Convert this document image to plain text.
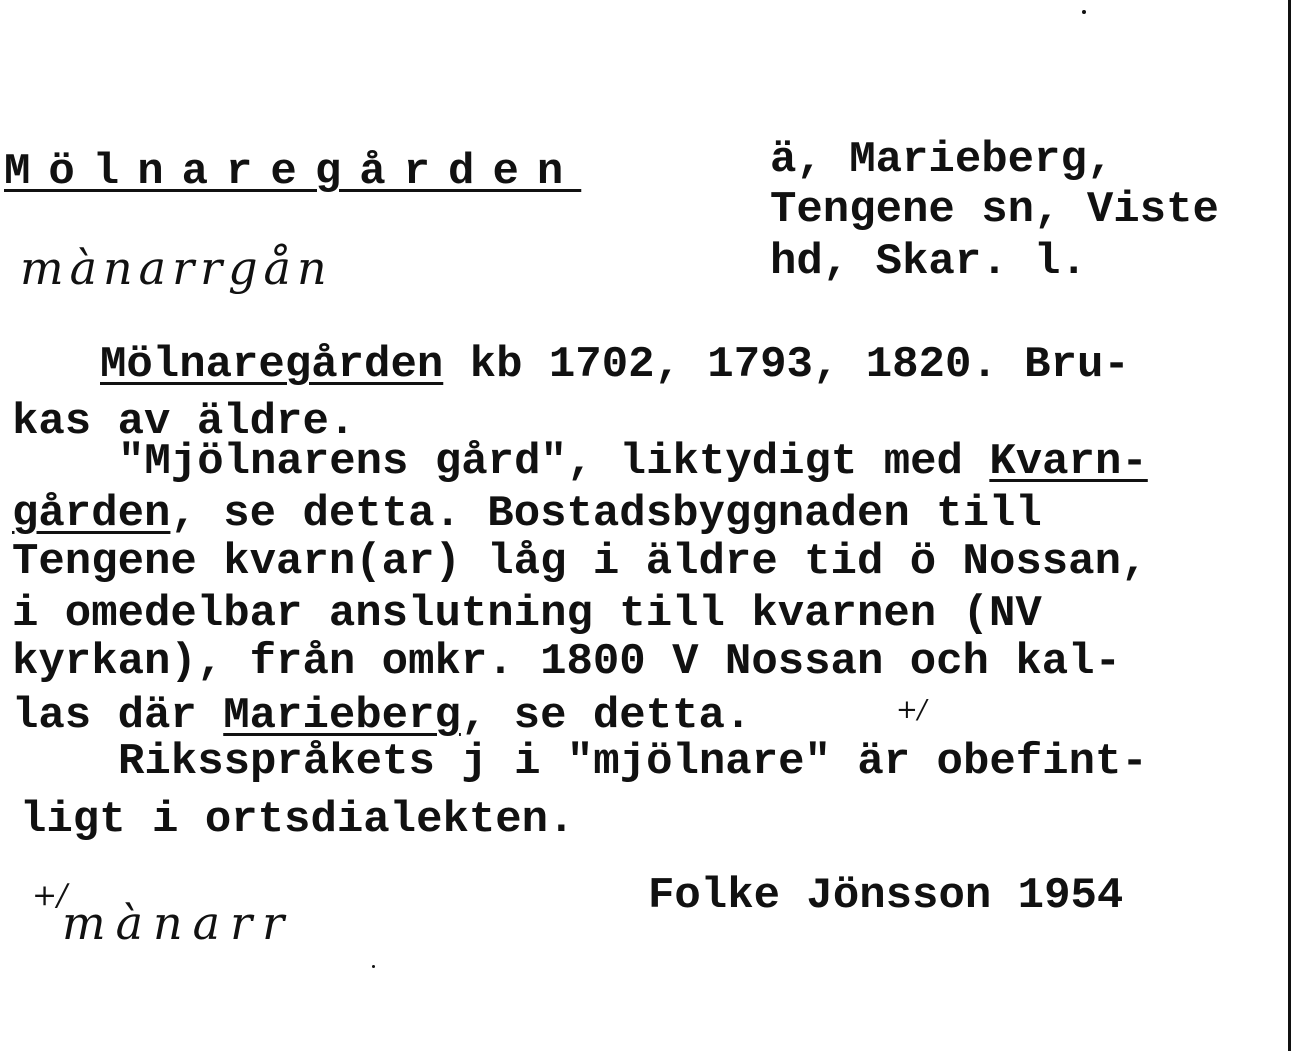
Mölnaregården	ä, Marieberg,
Tengene sn, Viste
hd, Skar. l.
mànarrgån
Mölnaregården kb 1702, 1793, 1820. Bru-
kas av äldre.
"Mjölnarens gård", liktydigt med Kvarn-
gården, se detta. Bostadsbyggnaden till
Tengene kvarn(ar) låg i äldre tid ö Nossan,
i omedelbar anslutning till kvarnen (NV
kyrkan), från omkr. 1800 V Nossan och kal-
las där Marieberg, se detta.	+/
Riksspråkets j i "mjölnare" är obefint-
ligt i ortsdialekten.
+/
mànarr	Folke Jönsson 1954
